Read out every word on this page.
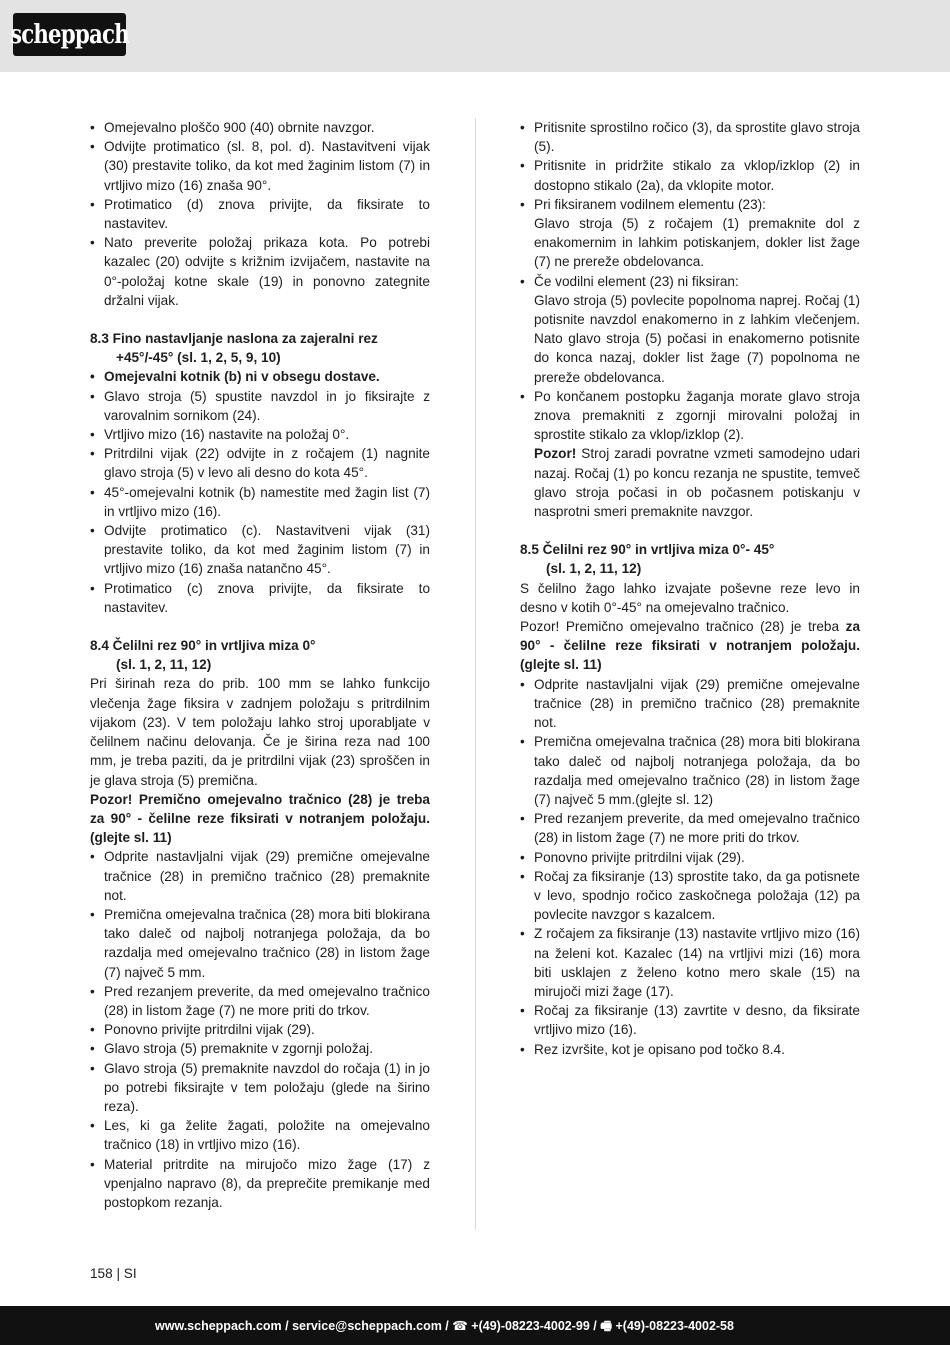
scheppach
• Omejevalno ploščo 900 (40) obrnite navzgor.
• Odvijte protimatico (sl. 8, pol. d). Nastavitveni vijak (30) prestavite toliko, da kot med žaginim listom (7) in vrtljivo mizo (16) znaša 90°.
• Protimatico (d) znova privijte, da fiksirate to nastavitev.
• Nato preverite položaj prikaza kota. Po potrebi kazalec (20) odvijte s križnim izvijačem, nastavite na 0°-položaj kotne skale (19) in ponovno zategnite držalni vijak.
8.3 Fino nastavljanje naslona za zajeralni rez
+45°/-45° (sl. 1, 2, 5, 9, 10)
• Omejevalni kotnik (b) ni v obsegu dostave.
• Glavo stroja (5) spustite navzdol in jo fiksirajte z varovalnim sornikom (24).
• Vrtljivo mizo (16) nastavite na položaj 0°.
• Pritrdilni vijak (22) odvijte in z ročajem (1) nagnite glavo stroja (5) v levo ali desno do kota 45°.
• 45°-omejevalni kotnik (b) namestite med žagin list (7) in vrtljivo mizo (16).
• Odvijte protimatico (c). Nastavitveni vijak (31) prestavite toliko, da kot med žaginim listom (7) in vrtljivo mizo (16) znaša natančno 45°.
• Protimatico (c) znova privijte, da fiksirate to nastavitev.
8.4 Čelilni rez 90° in vrtljiva miza 0°
(sl. 1, 2, 11, 12)

Pri širinah reza do prib. 100 mm se lahko funkcijo vlečenja žage fiksira v zadnjem položaju s pritrdilnim vijakom (23). V tem položaju lahko stroj uporabljate v čelilnem načinu delovanja. Če je širina reza nad 100 mm, je treba paziti, da je pritrdilni vijak (23) sproščen in je glava stroja (5) premična.

Pozor! Premično omejevalno tračnico (28) je treba za 90° - čelilne reze fiksirati v notranjem položaju. (glejte sl. 11)

• Odprite nastavljalni vijak (29) premične omejevalne tračnice (28) in premično tračnico (28) premaknite not.
• Premična omejevalna tračnica (28) mora biti blokirana tako daleč od najbolj notranjega položaja, da bo razdalja med omejevalno tračnico (28) in listom žage (7) največ 5 mm.
• Pred rezanjem preverite, da med omejevalno tračnico (28) in listom žage (7) ne more priti do trkov.
• Ponovno privijte pritrdilni vijak (29).
• Glavo stroja (5) premaknite v zgornji položaj.
• Glavo stroja (5) premaknite navzdol do ročaja (1) in jo po potrebi fiksirajte v tem položaju (glede na širino reza).
• Les, ki ga želite žagati, položite na omejevalno tračnico (18) in vrtljivo mizo (16).
• Material pritrdite na mirujočo mizo žage (17) z vpenjalno napravo (8), da preprečite premikanje med postopkom rezanja.
• Pritisnite sprostilno ročico (3), da sprostite glavo stroja (5).
• Pritisnite in pridržite stikalo za vklop/izklop (2) in dostopno stikalo (2a), da vklopite motor.
• Pri fiksiranem vodilnem elementu (23):
Glavo stroja (5) z ročajem (1) premaknite dol z enakomernim in lahkim potiskanjem, dokler list žage (7) ne prereže obdelovanca.
• Če vodilni element (23) ni fiksiran:
Glavo stroja (5) povlecite popolnoma naprej. Ročaj (1) potisnite navzdol enakomerno in z lahkim vlečenjem. Nato glavo stroja (5) počasi in enakomerno potisnite do konca nazaj, dokler list žage (7) popolnoma ne prereže obdelovanca.
• Po končanem postopku žaganja morate glavo stroja znova premakniti z zgornji mirovalni položaj in sprostite stikalo za vklop/izklop (2).
Pozor! Stroj zaradi povratne vzmeti samodejno udari nazaj. Ročaj (1) po koncu rezanja ne spustite, temveč glavo stroja počasi in ob počasnem potiskanju v nasprotni smeri premaknite navzgor.
8.5 Čelilni rez 90° in vrtljiva miza 0°- 45°
(sl. 1, 2, 11, 12)

S čelilno žago lahko izvajate poševne reze levo in desno v kotih 0°-45° na omejevalno tračnico.

Pozor! Premično omejevalno tračnico (28) je treba za 90° - čelilne reze fiksirati v notranjem položaju. (glejte sl. 11)

• Odprite nastavljalni vijak (29) premične omejevalne tračnice (28) in premično tračnico (28) premaknite not.
• Premična omejevalna tračnica (28) mora biti blokirana tako daleč od najbolj notranjega položaja, da bo razdalja med omejevalno tračnico (28) in listom žage (7) največ 5 mm.(glejte sl. 12)
• Pred rezanjem preverite, da med omejevalno tračnico (28) in listom žage (7) ne more priti do trkov.
• Ponovno privijte pritrdilni vijak (29).
• Ročaj za fiksiranje (13) sprostite tako, da ga potisnete v levo, spodnjo ročico zaskočnega položaja (12) pa povlecite navzgor s kazalcem.
• Z ročajem za fiksiranje (13) nastavite vrtljivo mizo (16) na želeni kot. Kazalec (14) na vrtljivi mizi (16) mora biti usklajen z želeno kotno mero skale (15) na mirujoči mizi žage (17).
• Ročaj za fiksiranje (13) zavrtite v desno, da fiksirate vrtljivo mizo (16).
• Rez izvršite, kot je opisano pod točko 8.4.
158 | SI
www.scheppach.com / service@scheppach.com / ☎ +(49)-08223-4002-99 / 🖷 +(49)-08223-4002-58
